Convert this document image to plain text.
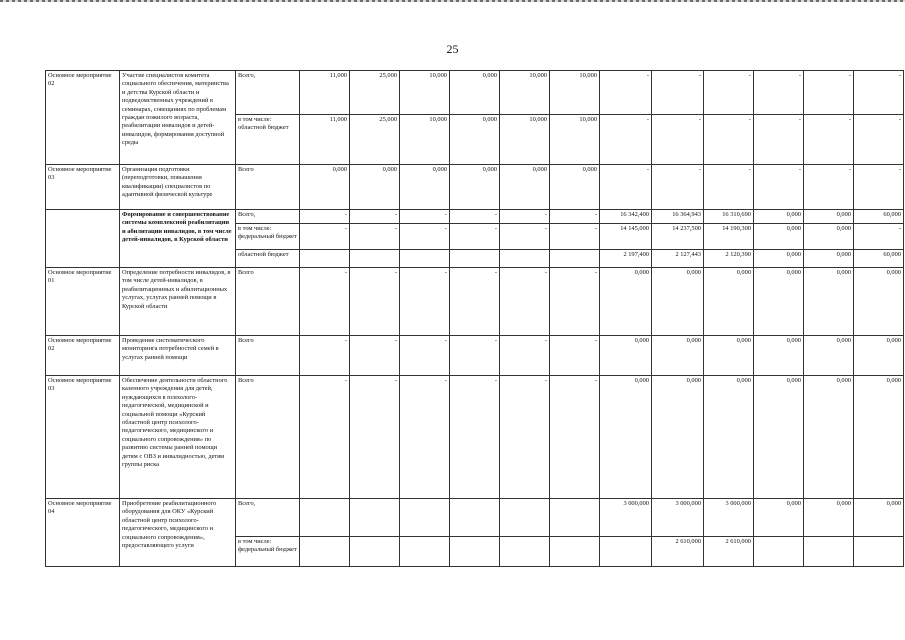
25
Основное мероприятие 02	Участие специалистов комитета социального обеспечения, материнства и детства Курской области и подведомственных учреждений в семинарах, совещаниях по проблемам граждан пожилого возраста, реабилитации инвалидов и детей-инвалидов, формирования доступной среды	Всего,	11,000	25,000	10,000	0,000	10,000	10,000	-	-	-	-	-	-
		в том числе: областной бюджет	11,000	25,000	10,000	0,000	10,000	10,000	-	-	-	-	-	-
Основное мероприятие 03	Организация подготовки (переподготовки, повышения квалификации) специалистов по адаптивной физической культуре	Всего	0,000	0,000	0,000	0,000	0,000	0,000	-	-	-	-	-	-
	Формирование и совершенствование системы комплексной реабилитации и абилитации инвалидов, в том числе детей-инвалидов, в Курской области	Всего,	-	-	-	-	-	-	16 342,400	16 364,943	16 310,690	0,000	0,000	60,000
		в том числе: федеральный бюджет	-	-	-	-	-	-	14 145,000	14 237,500	14 190,300	0,000	0,000	-
		областной бюджет							2 197,400	2 127,443	2 120,390	0,000	0,000	60,000
Основное мероприятие 01	Определение потребности инвалидов, в том числе детей-инвалидов, в реабилитационных и абилитационных услугах, услугах ранней помощи в Курской области	Всего	-	-	-	-	-	-	0,000	0,000	0,000	0,000	0,000	0,000
Основное мероприятие 02	Проведение систематического мониторинга потребностей семей в услугах ранней помощи	Всего	-	-	-	-	-	-	0,000	0,000	0,000	0,000	0,000	0,000
Основное мероприятие 03	Обеспечение деятельности областного казенного учреждения для детей, нуждающихся в психолого-педагогической, медицинской и социальной помощи «Курский областной центр психолого-педагогического, медицинского и социального сопровождения» по развитию системы ранней помощи детям с ОВЗ и инвалидностью, детям группы риска	Всего	-	-	-	-	-	-	0,000	0,000	0,000	0,000	0,000	0,000
Основное мероприятие 04	Приобретение реабилитационного оборудования для ОКУ «Курский областной центр психолого-педагогического, медицинского и социального сопровождения», предоставляющего услуги	Всего,							3 000,000	3 000,000	3 000,000	0,000	0,000	0,000
		в том числе: федеральный бюджет								2 610,000	2 610,000			
